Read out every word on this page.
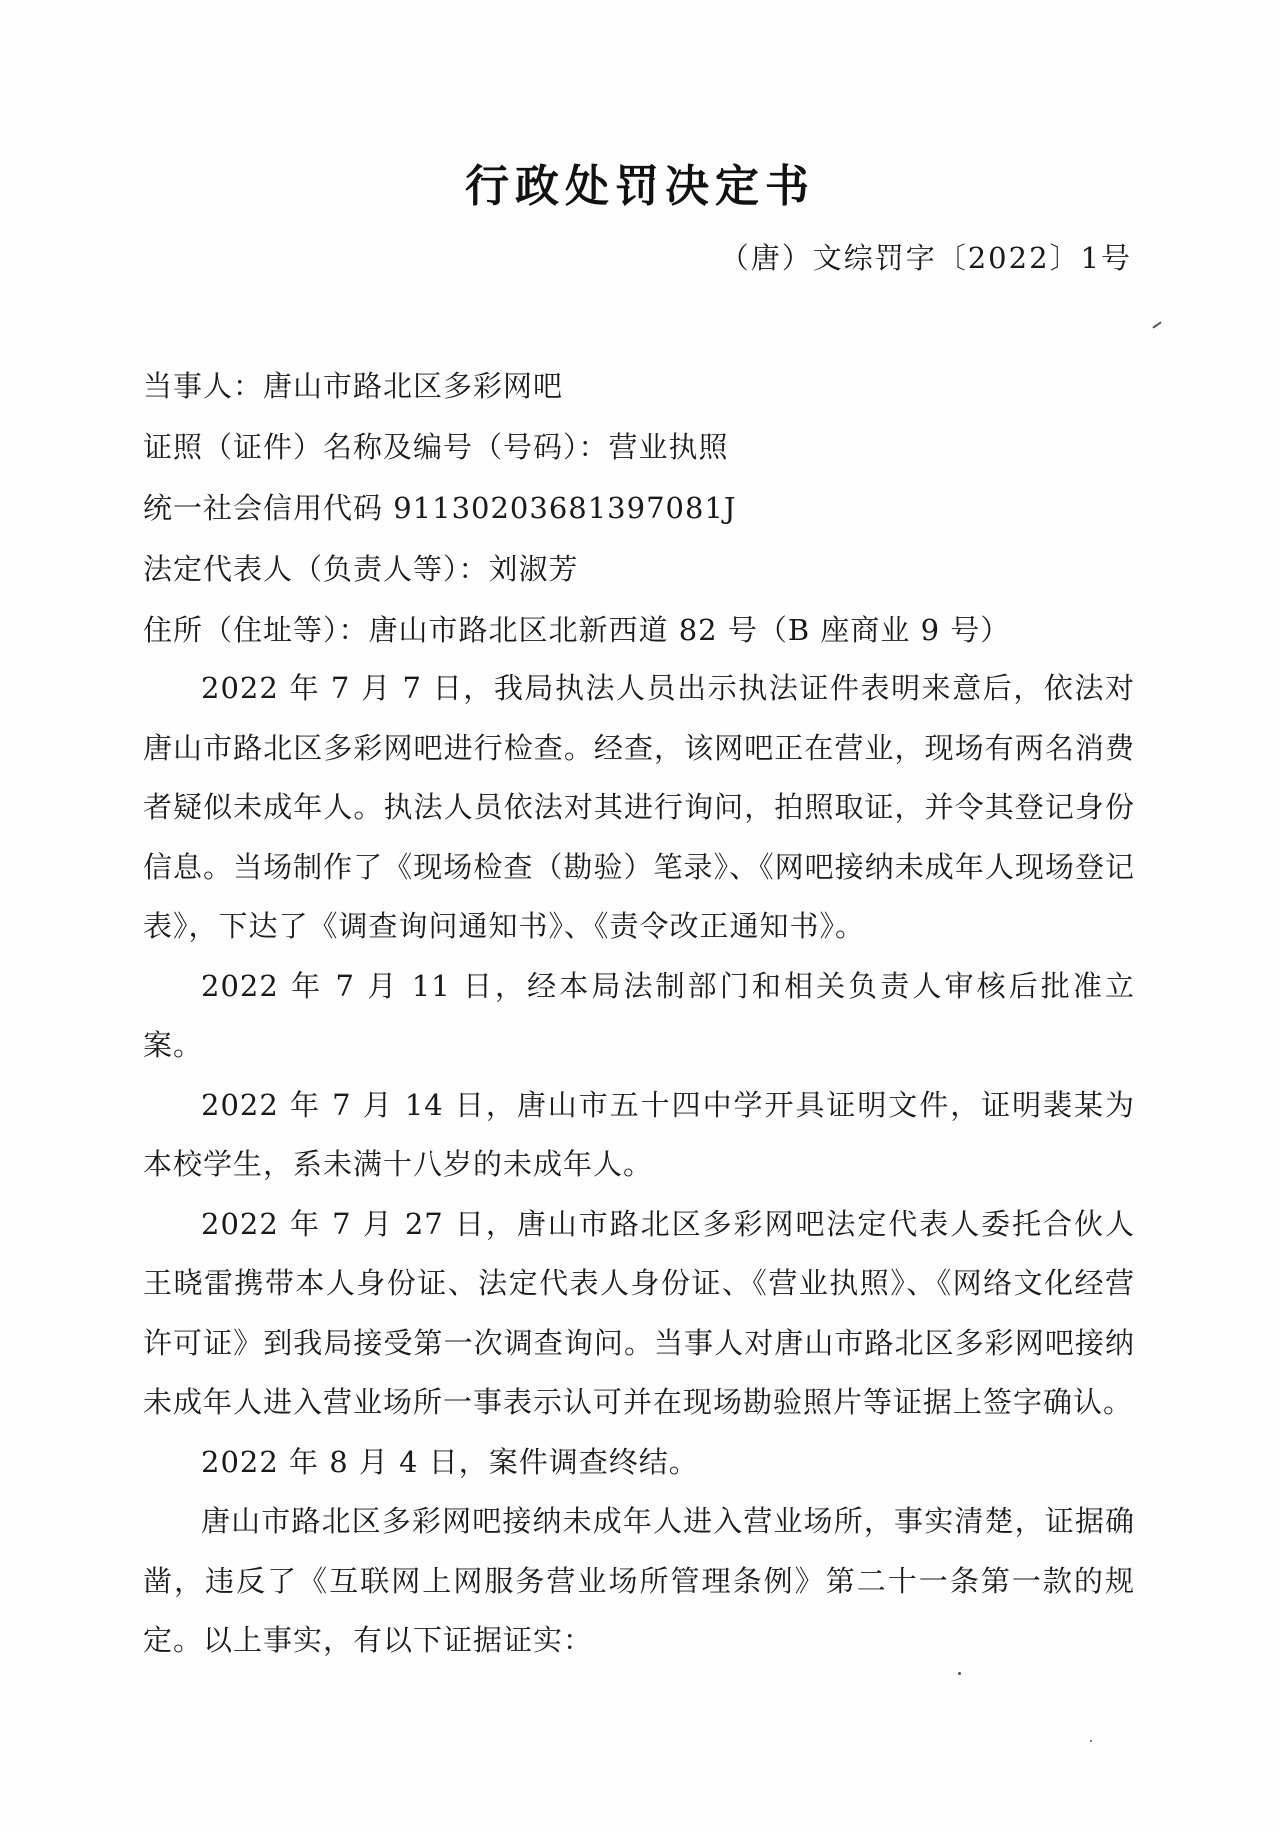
行政处罚决定书
（唐）文综罚字〔2022〕1号
当事人：唐山市路北区多彩网吧
证照（证件）名称及编号（号码）：营业执照
统一社会信用代码 91130203681397081J
法定代表人（负责人等）：刘淑芳
住所（住址等）：唐山市路北区北新西道 82 号（B 座商业 9 号）

2022 年 7 月 7 日，我局执法人员出示执法证件表明来意后，依法对唐山市路北区多彩网吧进行检查。经查，该网吧正在营业，现场有两名消费者疑似未成年人。执法人员依法对其进行询问，拍照取证，并令其登记身份信息。当场制作了《现场检查（勘验）笔录》、《网吧接纳未成年人现场登记表》，下达了《调查询问通知书》、《责令改正通知书》。

2022 年 7 月 11 日，经本局法制部门和相关负责人审核后批准立案。

2022 年 7 月 14 日，唐山市五十四中学开具证明文件，证明裴某为本校学生，系未满十八岁的未成年人。

2022 年 7 月 27 日，唐山市路北区多彩网吧法定代表人委托合伙人王晓雷携带本人身份证、法定代表人身份证、《营业执照》、《网络文化经营许可证》到我局接受第一次调查询问。当事人对唐山市路北区多彩网吧接纳未成年人进入营业场所一事表示认可并在现场勘验照片等证据上签字确认。

2022 年 8 月 4 日，案件调查终结。

唐山市路北区多彩网吧接纳未成年人进入营业场所，事实清楚，证据确凿，违反了《互联网上网服务营业场所管理条例》第二十一条第一款的规定。以上事实，有以下证据证实：
